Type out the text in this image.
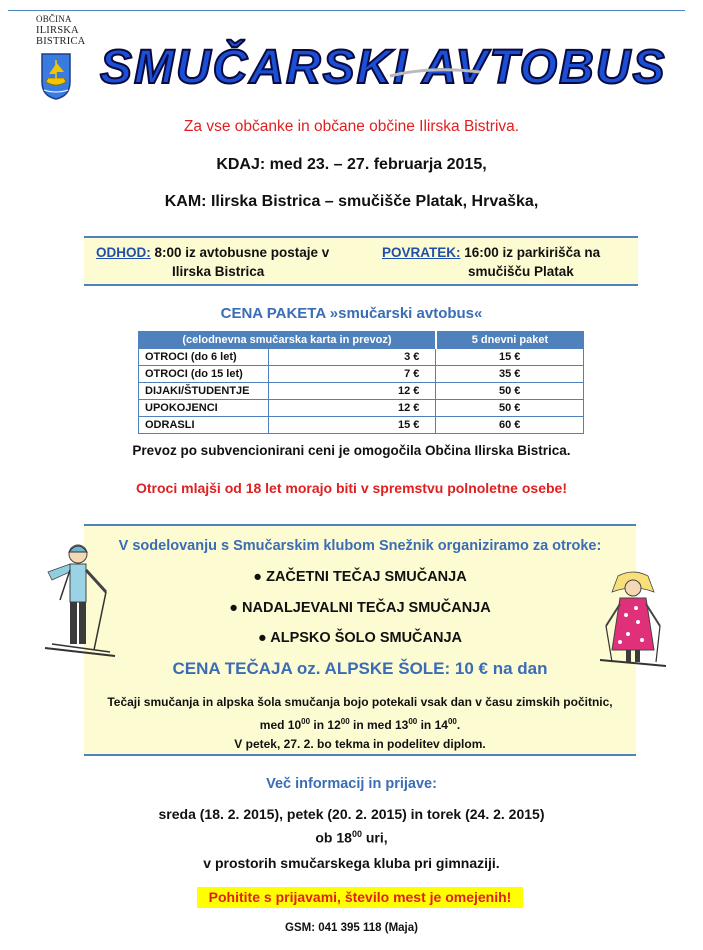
OBČINA
ILIRSKA
BISTRICA SMUČARSKI AVTOBUS
Za vse občanke in občane občine Ilirska Bistriva.
KDAJ: med 23. – 27. februarja 2015,
KAM: Ilirska Bistrica – smučišče Platak, Hrvaška,
ODHOD: 8:00 iz avtobusne postaje v
Ilirska Bistrica
POVRATEK: 16:00 iz parkirišča na
smučišču Platak
CENA PAKETA »smučarski avtobus«
(celodnevna smučarska karta in prevoz)		5 dnevni paket
OTROCI (do 6 let)	3 €	15 €
OTROCI (do 15 let)	7 €	35 €
DIJAKI/ŠTUDENTJE	12 €	50 €
UPOKOJENCI	12 €	50 €
ODRASLI	15 €	60 €
Prevoz po subvencionirani ceni je omogočila Občina Ilirska Bistrica.
Otroci mlajši od 18 let morajo biti v spremstvu polnoletne osebe!
V sodelovanju s Smučarskim klubom Snežnik organiziramo za otroke:
● ZAČETNI TEČAJ SMUČANJA
● NADALJEVALNI TEČAJ SMUČANJA
● ALPSKO ŠOLO SMUČANJA
CENA TEČAJA oz. ALPSKE ŠOLE: 10 € na dan
Tečaji smučanja in alpska šola smučanja bojo potekali vsak dan v času zimskih počitnic,
med $10^{00}$ in $12^{00}$ in med $13^{00}$ in $14^{00}$.
V petek, 27. 2. bo tekma in podelitev diplom.
Več informacij in prijave:
sreda (18. 2. 2015), petek (20. 2. 2015) in torek (24. 2. 2015)
ob $18^{00}$ uri,
v prostorih smučarskega kluba pri gimnaziji.
Pohitite s prijavami, število mest je omejenih!
GSM: 041 395 118 (Maja)
